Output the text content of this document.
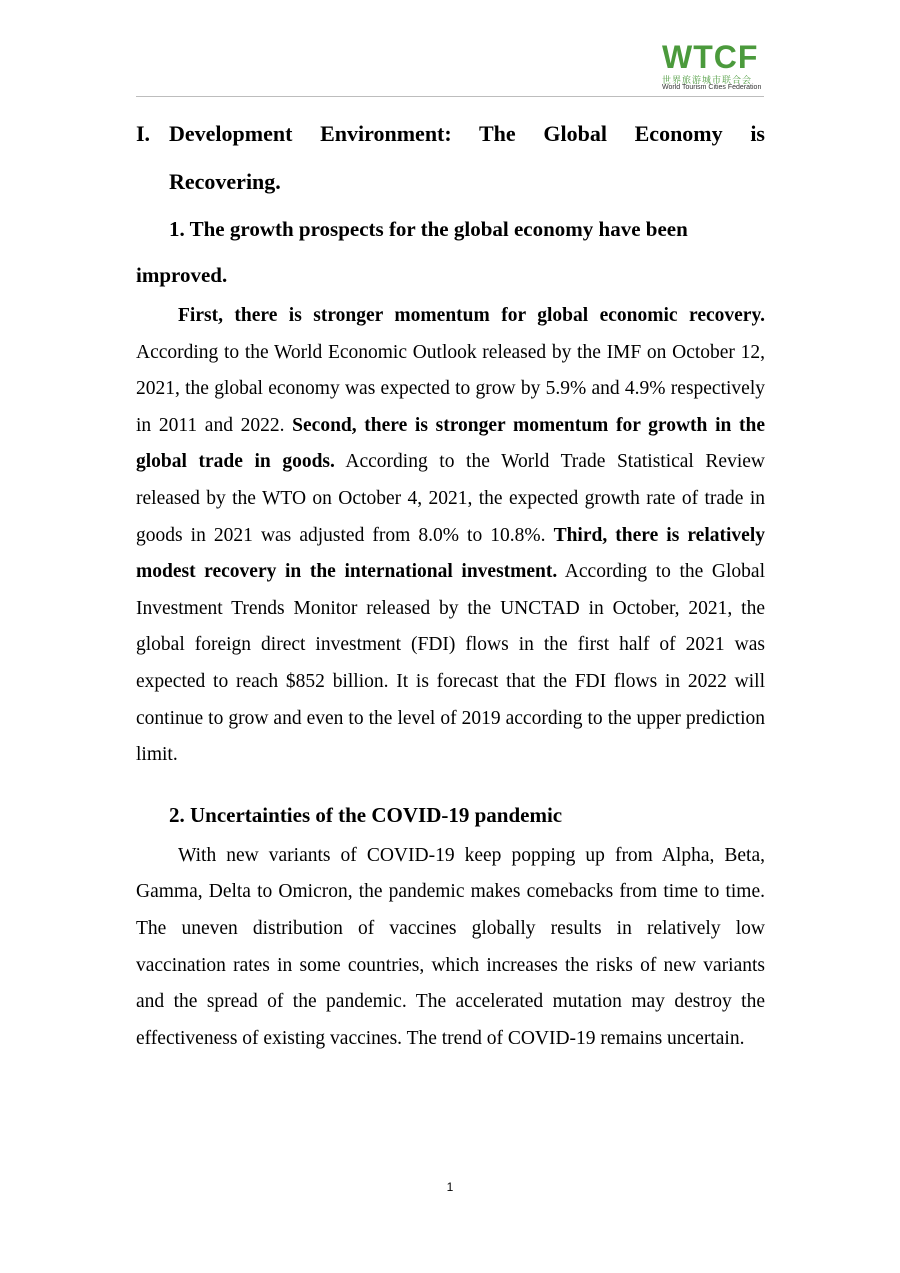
WTCF
世界旅游城市联合会
World Tourism Cities Federation
I. Development Environment: The Global Economy is
Recovering.
1. The growth prospects for the global economy have been
improved.

First, there is stronger momentum for global economic recovery. According to the World Economic Outlook released by the IMF on October 12, 2021, the global economy was expected to grow by 5.9% and 4.9% respectively in 2011 and 2022. Second, there is stronger momentum for growth in the global trade in goods. According to the World Trade Statistical Review released by the WTO on October 4, 2021, the expected growth rate of trade in goods in 2021 was adjusted from 8.0% to 10.8%. Third, there is relatively modest recovery in the international investment. According to the Global Investment Trends Monitor released by the UNCTAD in October, 2021, the global foreign direct investment (FDI) flows in the first half of 2021 was expected to reach $852 billion. It is forecast that the FDI flows in 2022 will continue to grow and even to the level of 2019 according to the upper prediction limit.

2. Uncertainties of the COVID-19 pandemic

With new variants of COVID-19 keep popping up from Alpha, Beta, Gamma, Delta to Omicron, the pandemic makes comebacks from time to time. The uneven distribution of vaccines globally results in relatively low vaccination rates in some countries, which increases the risks of new variants and the spread of the pandemic. The accelerated mutation may destroy the effectiveness of existing vaccines. The trend of COVID-19 remains uncertain.

1
